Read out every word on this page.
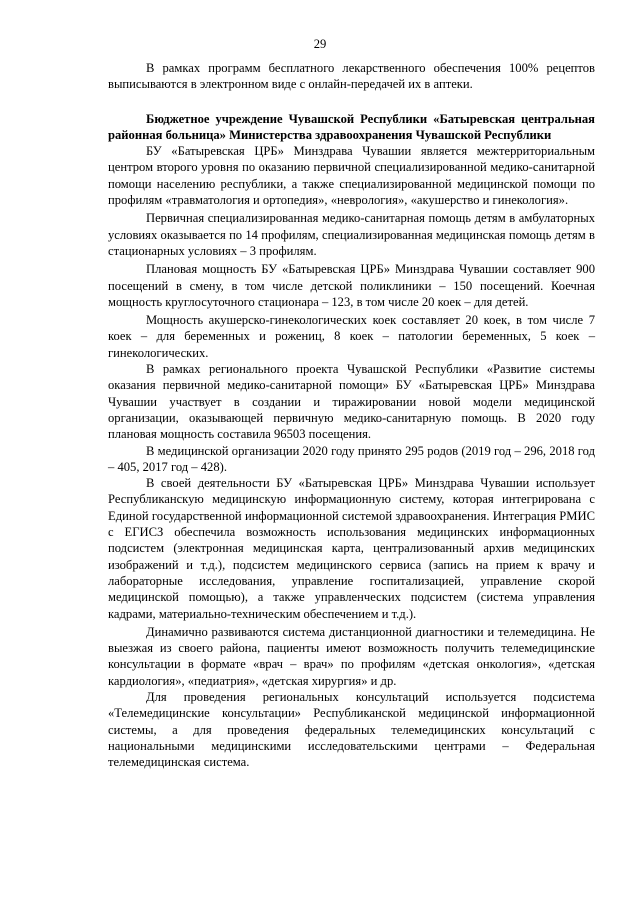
29

В рамках программ бесплатного лекарственного обеспечения 100% рецептов выписываются в электронном виде с онлайн-передачей их в аптеки.

Бюджетное учреждение Чувашской Республики «Батыревская центральная районная больница» Министерства здравоохранения Чувашской Республики

БУ «Батыревская ЦРБ» Минздрава Чувашии является межтерриториальным центром второго уровня по оказанию первичной специализированной медико-санитарной помощи населению республики, а также специализированной медицинской помощи по профилям «травматология и ортопедия», «неврология», «акушерство и гинекология».

Первичная специализированная медико-санитарная помощь детям в амбулаторных условиях оказывается по 14 профилям, специализированная медицинская помощь детям в стационарных условиях – 3 профилям.

Плановая мощность БУ «Батыревская ЦРБ» Минздрава Чувашии составляет 900 посещений в смену, в том числе детской поликлиники – 150 посещений. Коечная мощность круглосуточного стационара – 123, в том числе 20 коек – для детей.

Мощность акушерско-гинекологических коек составляет 20 коек, в том числе 7 коек – для беременных и рожениц, 8 коек – патологии беременных, 5 коек – гинекологических.

В рамках регионального проекта Чувашской Республики «Развитие системы оказания первичной медико-санитарной помощи» БУ «Батыревская ЦРБ» Минздрава Чувашии участвует в создании и тиражировании новой модели медицинской организации, оказывающей первичную медико-санитарную помощь. В 2020 году плановая мощность составила 96503 посещения.

В медицинской организации 2020 году принято 295 родов (2019 год – 296, 2018 год – 405, 2017 год – 428).

В своей деятельности БУ «Батыревская ЦРБ» Минздрава Чувашии использует Республиканскую медицинскую информационную систему, которая интегрирована с Единой государственной информационной системой здравоохранения. Интеграция РМИС с ЕГИСЗ обеспечила возможность использования медицинских информационных подсистем (электронная медицинская карта, централизованный архив медицинских изображений и т.д.), подсистем медицинского сервиса (запись на прием к врачу и лабораторные исследования, управление госпитализацией, управление скорой медицинской помощью), а также управленческих подсистем (система управления кадрами, материально-техническим обеспечением и т.д.).

Динамично развиваются система дистанционной диагностики и телемедицина. Не выезжая из своего района, пациенты имеют возможность получить телемедицинские консультации в формате «врач – врач» по профилям «детская онкология», «детская кардиология», «педиатрия», «детская хирургия» и др.

Для проведения региональных консультаций используется подсистема «Телемедицинские консультации» Республиканской медицинской информационной системы, а для проведения федеральных телемедицинских консультаций с национальными медицинскими исследовательскими центрами – Федеральная телемедицинская система.
